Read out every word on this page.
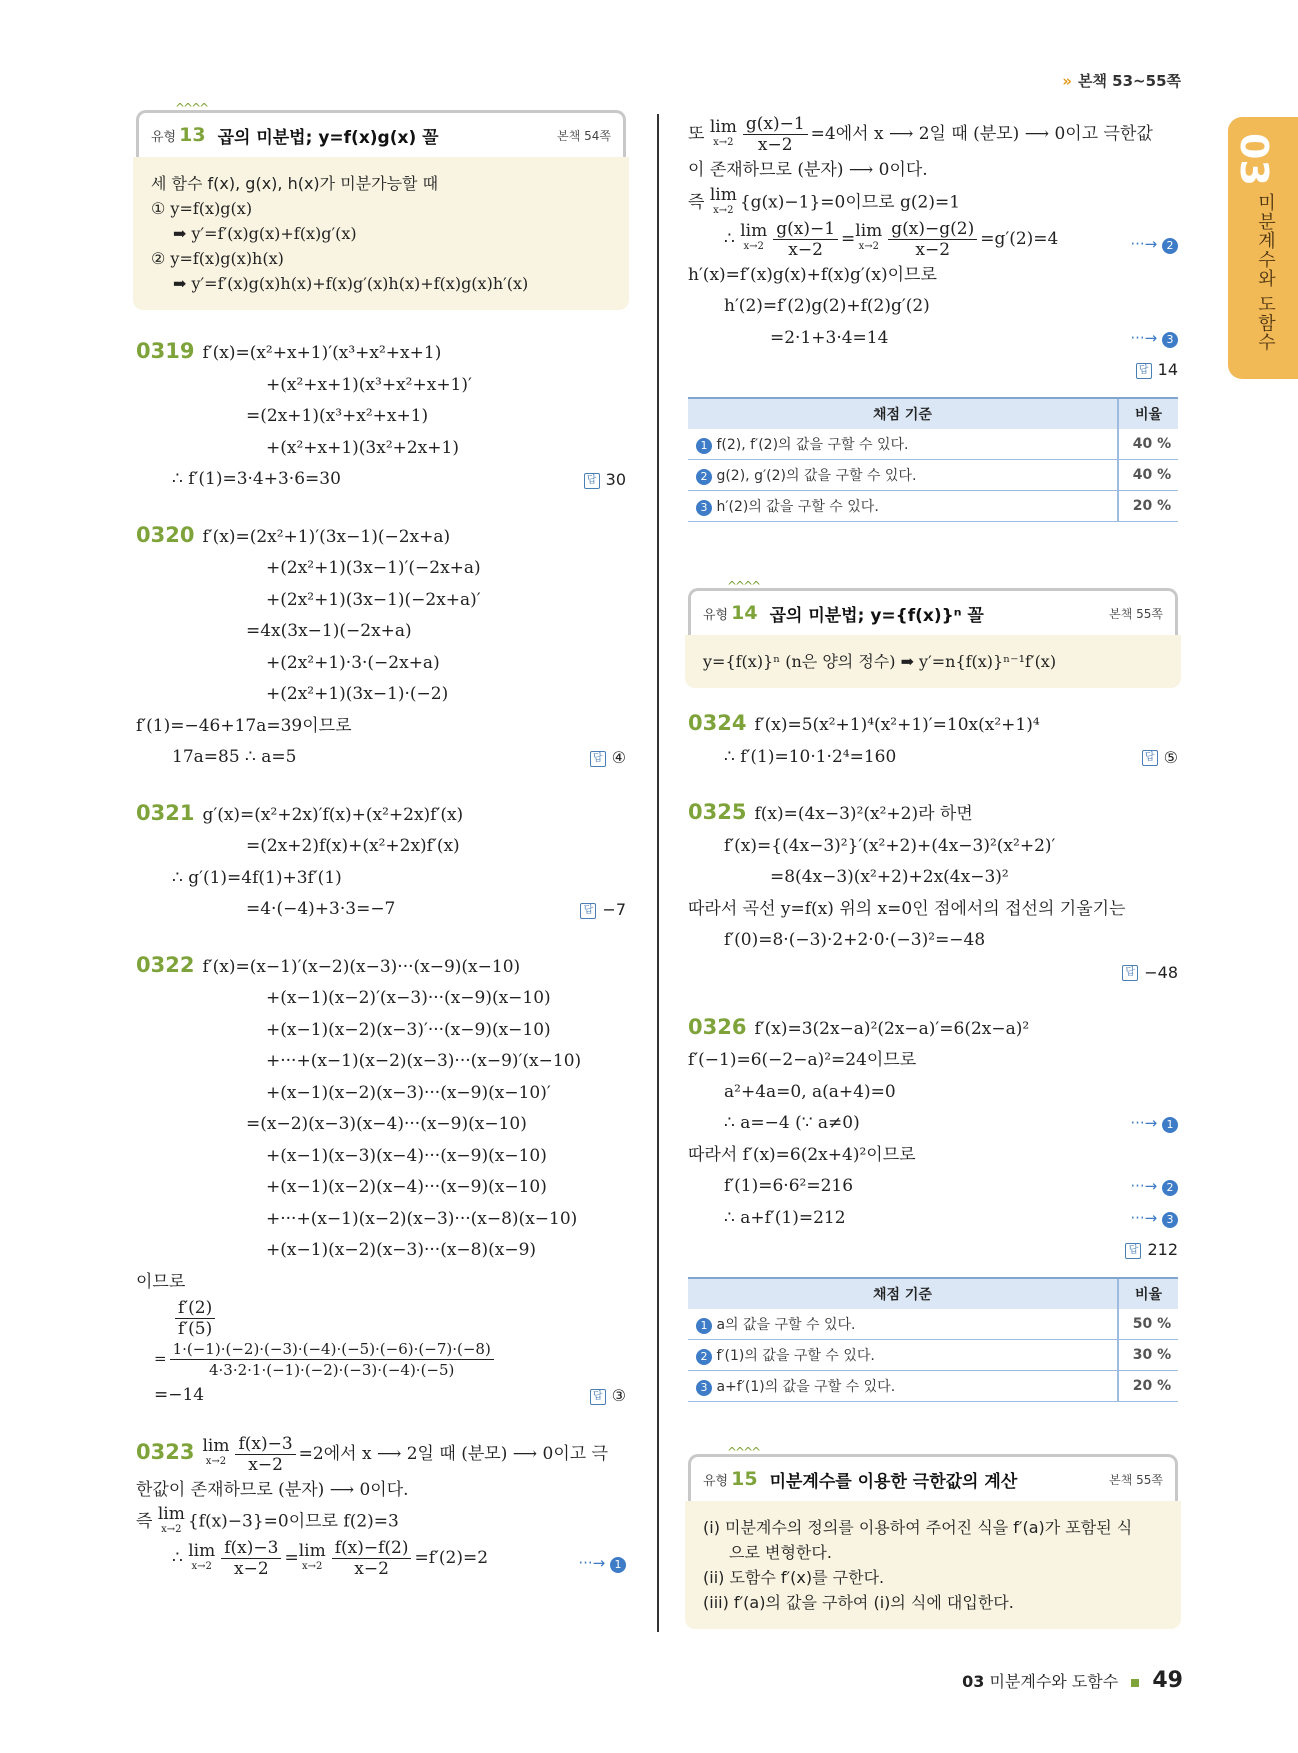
» 본책 53~55쪽
03
미분계수와 도함수
^^^^
유형 13 곱의 미분법; y=f(x)g(x) 꼴	본책 54쪽
세 함수 f(x), g(x), h(x)가 미분가능할 때
① y=f(x)g(x)
➡ y′=f′(x)g(x)+f(x)g′(x)
② y=f(x)g(x)h(x)
➡ y′=f′(x)g(x)h(x)+f(x)g′(x)h(x)+f(x)g(x)h′(x)
0319 f′(x)=(x²+x+1)′(x³+x²+x+1)
+(x²+x+1)(x³+x²+x+1)′
=(2x+1)(x³+x²+x+1)
+(x²+x+1)(3x²+2x+1)
∴ f′(1)=3·4+3·6=30	답 30
0320 f′(x)=(2x²+1)′(3x−1)(−2x+a)
+(2x²+1)(3x−1)′(−2x+a)
+(2x²+1)(3x−1)(−2x+a)′
=4x(3x−1)(−2x+a)
+(2x²+1)·3·(−2x+a)
+(2x²+1)(3x−1)·(−2)
f′(1)=−46+17a=39이므로
17a=85 ∴ a=5	답 ④
0321 g′(x)=(x²+2x)′f(x)+(x²+2x)f′(x)
=(2x+2)f(x)+(x²+2x)f′(x)
∴ g′(1)=4f(1)+3f′(1)
=4·(−4)+3·3=−7	답 −7
0322 f′(x)=(x−1)′(x−2)(x−3)···(x−9)(x−10)
+(x−1)(x−2)′(x−3)···(x−9)(x−10)
+(x−1)(x−2)(x−3)′···(x−9)(x−10)
+···+(x−1)(x−2)(x−3)···(x−9)′(x−10)
+(x−1)(x−2)(x−3)···(x−9)(x−10)′
=(x−2)(x−3)(x−4)···(x−9)(x−10)
+(x−1)(x−3)(x−4)···(x−9)(x−10)
+(x−1)(x−2)(x−4)···(x−9)(x−10)
+···+(x−1)(x−2)(x−3)···(x−8)(x−10)
+(x−1)(x−2)(x−3)···(x−8)(x−9)
이므로
$\frac{f'(2)}{f'(5)}$
= $\frac{1\cdot(-1)\cdot(-2)\cdot(-3)\cdot(-4)\cdot(-5)\cdot(-6)\cdot(-7)\cdot(-8)}{4\cdot 3\cdot 2\cdot 1\cdot(-1)\cdot(-2)\cdot(-3)\cdot(-4)\cdot(-5)}$
=−14	답 ③
0323 lim
$x\to 2 \frac{f(x)-3}{x-2} =2$에서 x ⟶ 2일 때 (분모) ⟶ 0이고 극
한값이 존재하므로 (분자) ⟶ 0이다.
즉 lim
x→2 {f(x)−3}=0이므로 f(2)=3
∴ lim
$x\to 2 \frac{f(x)-3}{x-2} = \lim$
$x\to 2 \frac{f(x)-f(2)}{x-2} =f'(2)=2$	···→ 1
또 lim
$x\to 2 \frac{g(x)-1}{x-2} =4$에서 x ⟶ 2일 때 (분모) ⟶ 0이고 극한값
이 존재하므로 (분자) ⟶ 0이다.
즉 lim
x→2 {g(x)−1}=0이므로 g(2)=1
∴ lim
$x\to 2 \frac{g(x)-1}{x-2} = \lim$
$x\to 2 \frac{g(x)-g(2)}{x-2} =g'(2)=4$	···→ 2
h′(x)=f′(x)g(x)+f(x)g′(x)이므로
h′(2)=f′(2)g(2)+f(2)g′(2)
=2·1+3·4=14	···→ 3
답 14
채점 기준	비율
1 f(2), f′(2)의 값을 구할 수 있다.	40 %
2 g(2), g′(2)의 값을 구할 수 있다.	40 %
3 h′(2)의 값을 구할 수 있다.	20 %
^^^^
유형 14 곱의 미분법; y={f(x)}ⁿ 꼴	본책 55쪽
y={f(x)}ⁿ (n은 양의 정수) ➡ y′=n{f(x)}ⁿ⁻¹f′(x)
0324 f′(x)=5(x²+1)⁴(x²+1)′=10x(x²+1)⁴
∴ f′(1)=10·1·2⁴=160	답 ⑤
0325 f(x)=(4x−3)²(x²+2)라 하면
f′(x)={(4x−3)²}′(x²+2)+(4x−3)²(x²+2)′
=8(4x−3)(x²+2)+2x(4x−3)²
따라서 곡선 y=f(x) 위의 x=0인 점에서의 접선의 기울기는
f′(0)=8·(−3)·2+2·0·(−3)²=−48
답 −48
0326 f′(x)=3(2x−a)²(2x−a)′=6(2x−a)²
f′(−1)=6(−2−a)²=24이므로
a²+4a=0, a(a+4)=0
∴ a=−4 (∵ a≠0)	···→ 1
따라서 f′(x)=6(2x+4)²이므로
f′(1)=6·6²=216	···→ 2
∴ a+f′(1)=212	···→ 3
답 212
채점 기준	비율
1 a의 값을 구할 수 있다.	50 %
2 f′(1)의 값을 구할 수 있다.	30 %
3 a+f′(1)의 값을 구할 수 있다.	20 %
^^^^
유형 15 미분계수를 이용한 극한값의 계산	본책 55쪽
(i) 미분계수의 정의를 이용하여 주어진 식을 f′(a)가 포함된 식
으로 변형한다.
(ii) 도함수 f′(x)를 구한다.
(iii) f′(a)의 값을 구하여 (i)의 식에 대입한다.
03 미분계수와 도함수 49
